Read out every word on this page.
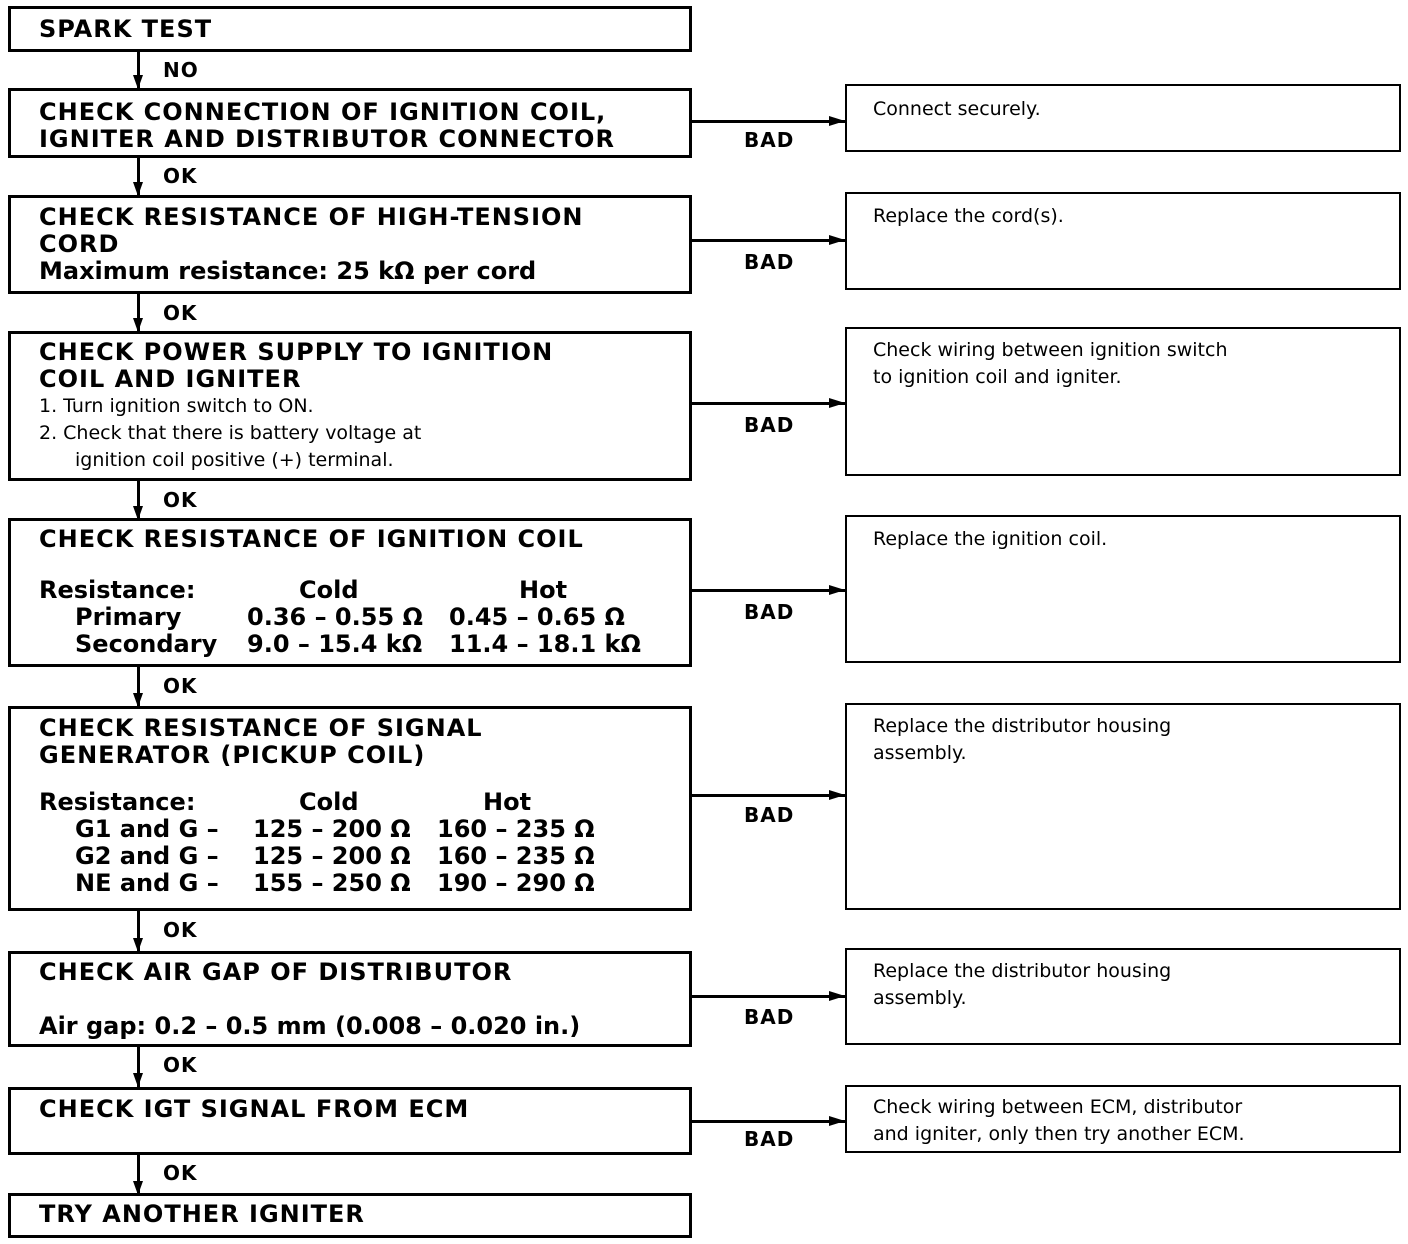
NO
OK
OK
OK
OK
OK
OK
OK
BAD
BAD
BAD
BAD
BAD
BAD
BAD
SPARK TEST
CHECK CONNECTION OF IGNITION COIL,
IGNITER AND DISTRIBUTOR CONNECTOR
CHECK RESISTANCE OF HIGH-TENSION
CORD
Maximum resistance: 25 kΩ per cord
CHECK POWER SUPPLY TO IGNITION
COIL AND IGNITER
1. Turn ignition switch to ON.
2. Check that there is battery voltage at
ignition coil positive (+) terminal.
CHECK RESISTANCE OF IGNITION COIL
Resistance:	Cold	Hot
Primary	0.36 – 0.55 Ω	0.45 – 0.65 Ω
Secondary	9.0 – 15.4 kΩ	11.4 – 18.1 kΩ
CHECK RESISTANCE OF SIGNAL
GENERATOR (PICKUP COIL)
Resistance:	Cold	Hot
G1 and G –	125 – 200 Ω	160 – 235 Ω
G2 and G –	125 – 200 Ω	160 – 235 Ω
NE and G –	155 – 250 Ω	190 – 290 Ω
CHECK AIR GAP OF DISTRIBUTOR
Air gap: 0.2 – 0.5 mm (0.008 – 0.020 in.)
CHECK IGT SIGNAL FROM ECM
TRY ANOTHER IGNITER
Connect securely.
Replace the cord(s).
Check wiring between ignition switch
to ignition coil and igniter.
Replace the ignition coil.
Replace the distributor housing
assembly.
Replace the distributor housing
assembly.
Check wiring between ECM, distributor
and igniter, only then try another ECM.
